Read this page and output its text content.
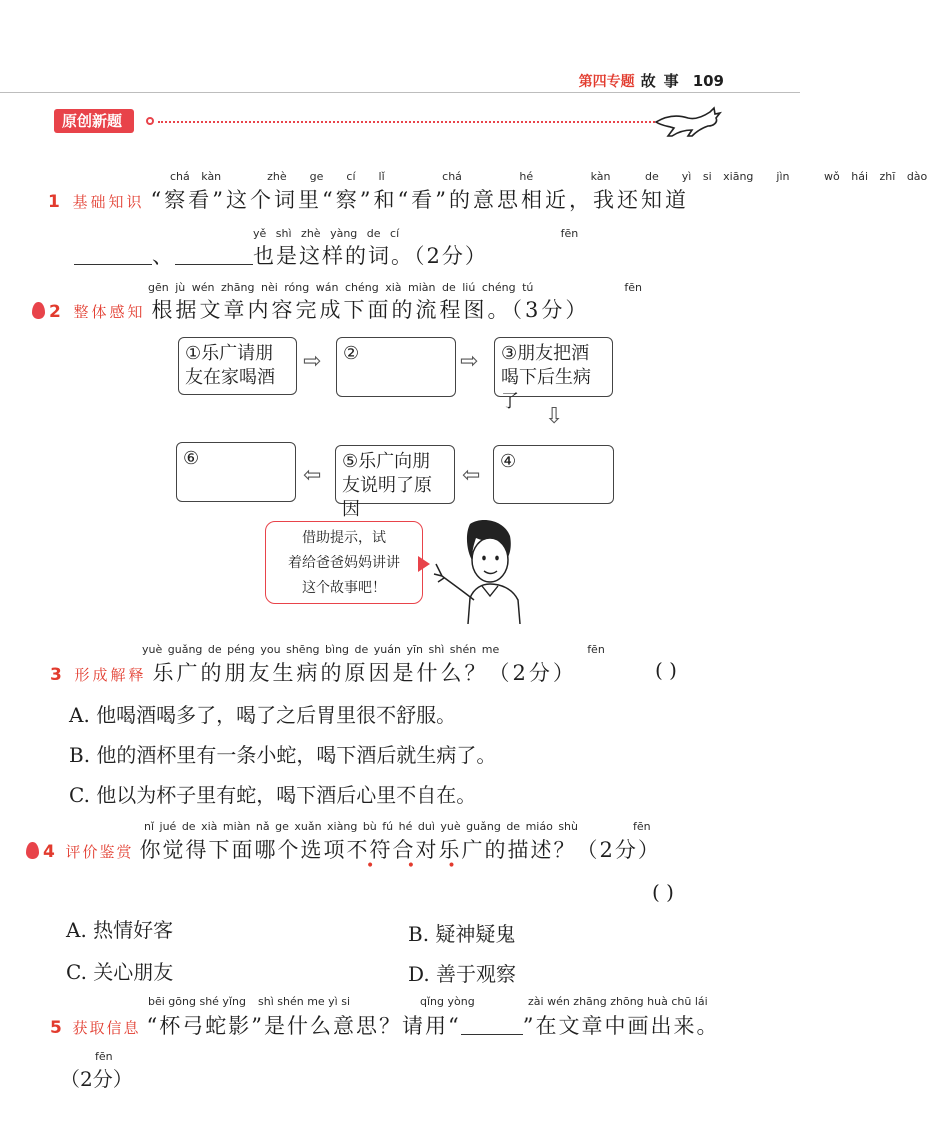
第四专题 故事 109
原创新题
chá kàn	zhè ge cí lǐ	chá	hé	kàn	de yì si xiāng jìn	wǒ hái zhī dào
1 基础知识 “察看”这个词里“察”和“看”的意思相近，我还知道
yě shì zhè yàng de cí	fēn
、	也是这样的词。（2分）
gēn jù wén zhāng nèi róng wán chéng xià miàn de liú chéng tú	fēn
2 整体感知 根据文章内容完成下面的流程图。（3分）
①乐广请朋友在家喝酒
⇨	②	⇨	③朋友把酒喝下后生病了
⇩
④
⇦
⑤乐广向朋友说明了原因
⇦
⑥
借助提示，试
着给爸爸妈妈讲讲
这个故事吧！
yuè guǎng de péng you shēng bìng de yuán yīn shì shén me	fēn
3 形成解释 乐广的朋友生病的原因是什么？（2分）	( )
A. 他喝酒喝多了，喝了之后胃里很不舒服。
B. 他的酒杯里有一条小蛇，喝下酒后就生病了。
C. 他以为杯子里有蛇，喝下酒后心里不自在。
nǐ jué de xià miàn nǎ ge xuǎn xiàng bù fú hé duì yuè guǎng de miáo shù	fēn
4 评价鉴赏 你觉得下面哪个选项不符合对乐广的描述？（2分）
• • •
( )
A. 热情好客	B. 疑神疑鬼
C. 关心朋友	D. 善于观察
bēi gōng shé yǐng shì shén me yì si	qǐng yòng	zài wén zhāng zhōng huà chū lái
5 获取信息 “杯弓蛇影”是什么意思？请用“	”在文章中画出来。
fēn
（2分）
